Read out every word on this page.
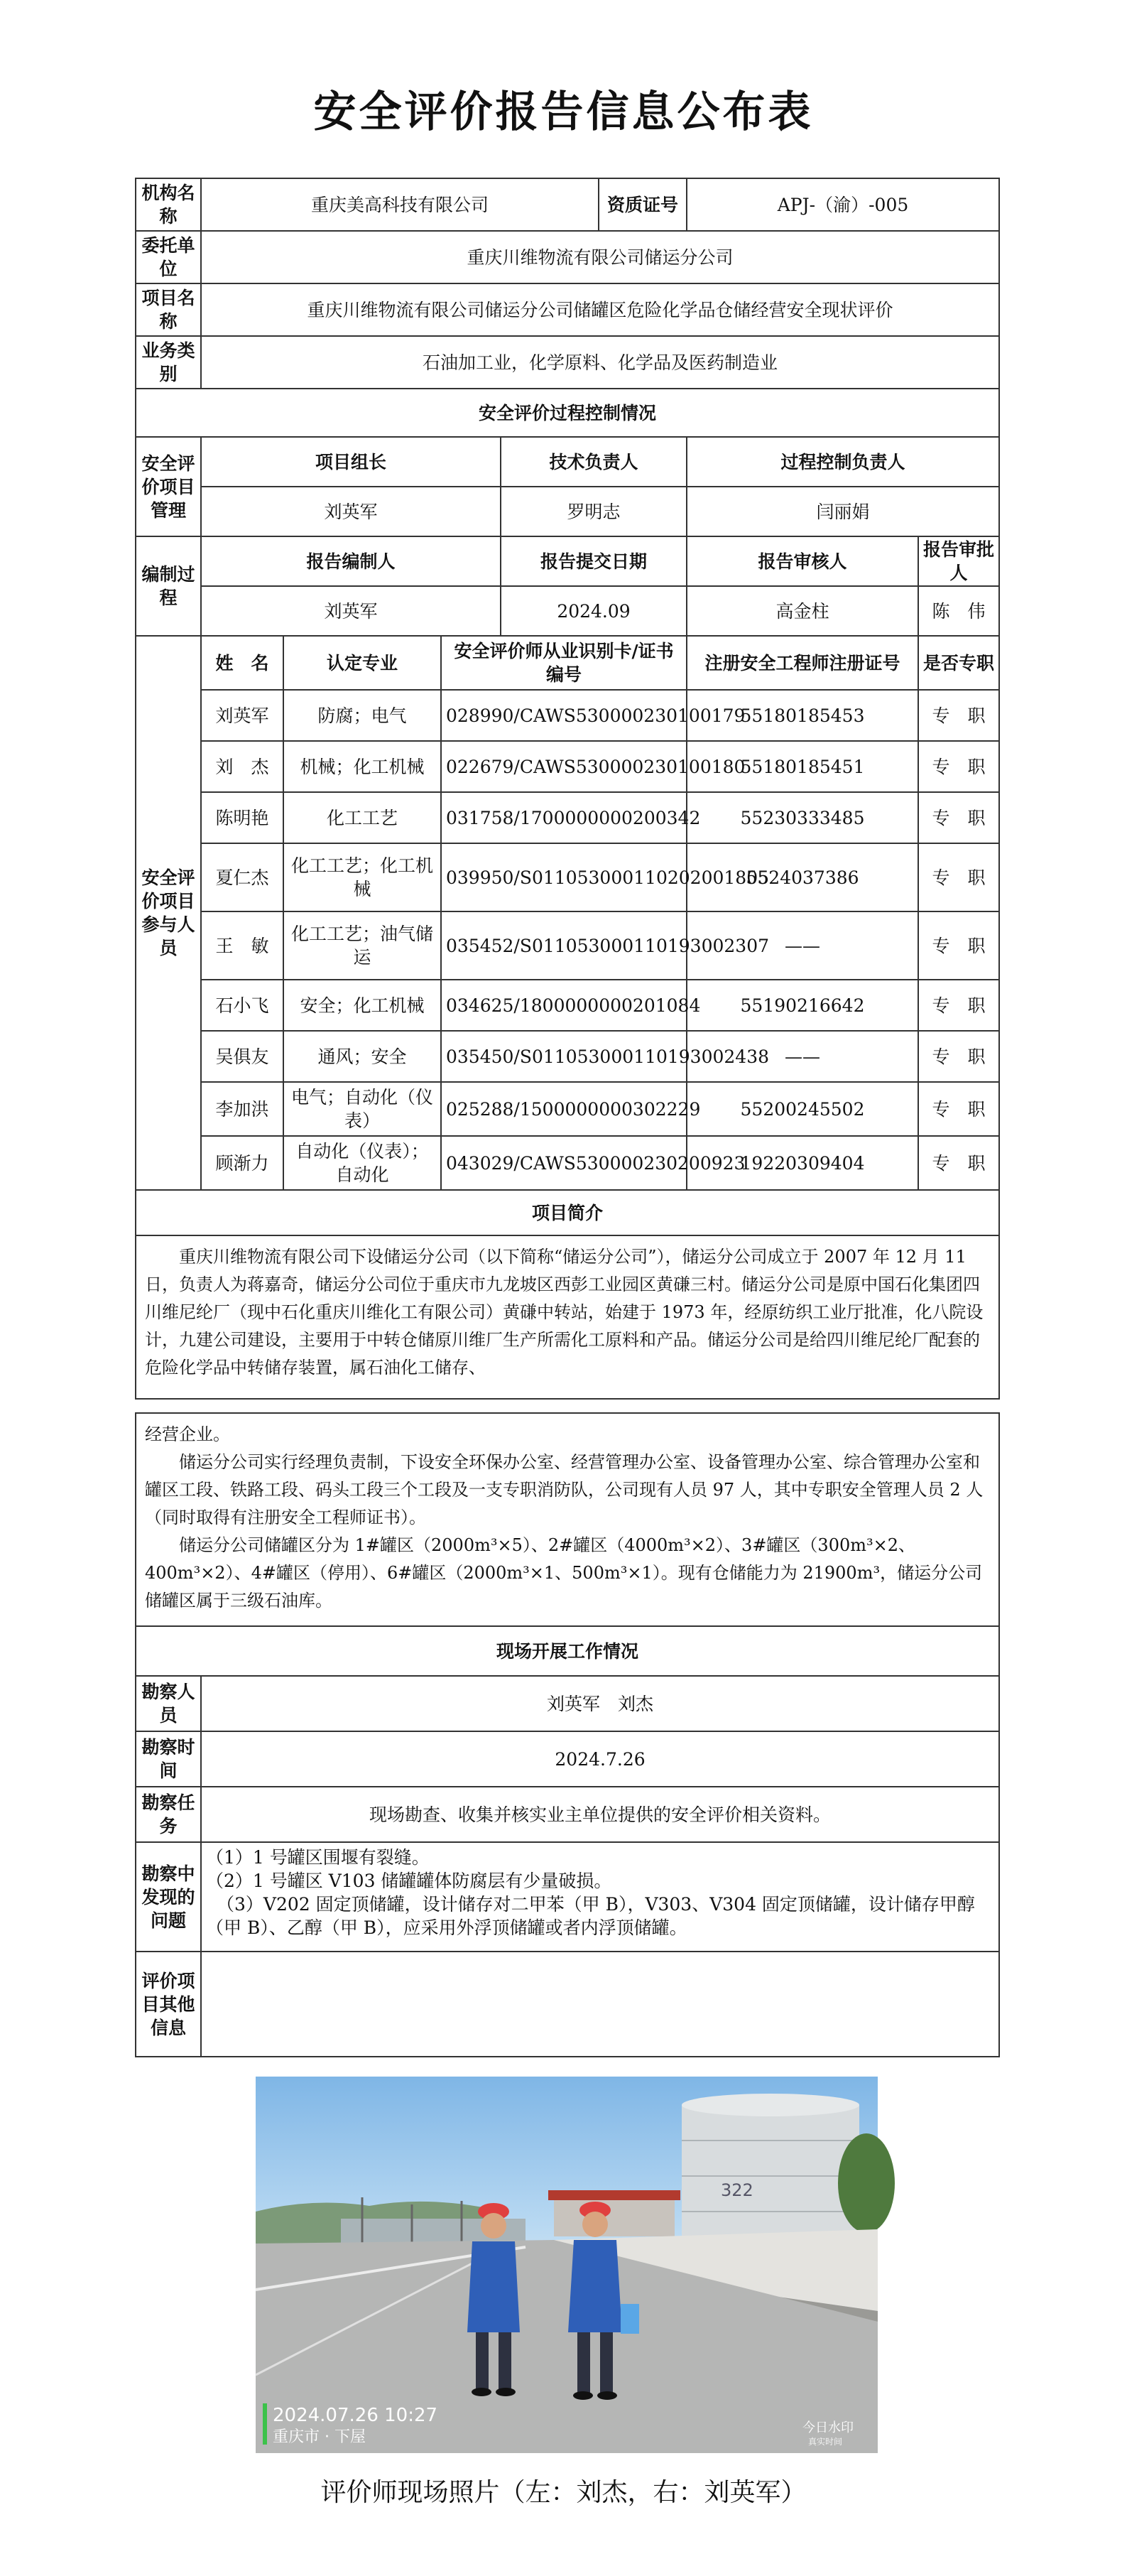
安全评价报告信息公布表
机构名称	重庆美高科技有限公司				资质证号	APJ-（渝）-005	
委托单位	重庆川维物流有限公司储运分公司						
项目名称	重庆川维物流有限公司储运分公司储罐区危险化学品仓储经营安全现状评价						
业务类别	石油加工业，化学原料、化学品及医药制造业						
安全评价过程控制情况							
安全评价项目管理	项目组长			技术负责人		过程控制负责人	
	刘英军			罗明志		闫丽娟	
编制过程	报告编制人			报告提交日期		报告审核人	报告审批人
	刘英军			2024.09		高金柱	陈　伟
安全评价项目参与人员	姓　名	认定专业	安全评价师从业识别卡/证书编号			注册安全工程师注册证号	是否专职
	刘英军	防腐；电气	028990/CAWS530000230100179			55180185453	专　职
	刘　杰	机械；化工机械	022679/CAWS530000230100180			55180185451	专　职
	陈明艳	化工工艺	031758/1700000000200342			55230333485	专　职
	夏仁杰	化工工艺；化工机械	039950/S011053000110202001805			5524037386	专　职
	王　敏	化工工艺；油气储运	035452/S011053000110193002307			——	专　职
	石小飞	安全；化工机械	034625/1800000000201084			55190216642	专　职
	吴俱友	通风；安全	035450/S011053000110193002438			——	专　职
	李加洪	电气；自动化（仪表）	025288/1500000000302229			55200245502	专　职
	顾渐力	自动化（仪表）；自动化	043029/CAWS530000230200923			19220309404	专　职
项目简介							

重庆川维物流有限公司下设储运分公司（以下简称“储运分公司”），储运分公司成立于 2007 年 12 月 11 日，负责人为蒋嘉奇，储运分公司位于重庆市九龙坡区西彭工业园区黄磏三村。储运分公司是原中国石化集团四川维尼纶厂（现中石化重庆川维化工有限公司）黄磏中转站，始建于 1973 年，经原纺织工业厅批准，化八院设计，九建公司建设，主要用于中转仓储原川维厂生产所需化工原料和产品。储运分公司是给四川维尼纶厂配套的危险化学品中转储存装置，属石油化工储存、							

经营企业。

储运分公司实行经理负责制，下设安全环保办公室、经营管理办公室、设备管理办公室、综合管理办公室和罐区工段、铁路工段、码头工段三个工段及一支专职消防队，公司现有人员 97 人，其中专职安全管理人员 2 人（同时取得有注册安全工程师证书）。

储运分公司储罐区分为 1#罐区（2000m³×5）、2#罐区（4000m³×2）、3#罐区（300m³×2、400m³×2）、4#罐区（停用）、6#罐区（2000m³×1、500m³×1）。现有仓储能力为 21900m³，储运分公司储罐区属于三级石油库。	

现场开展工作情况	
勘察人员	刘英军　刘杰
勘察时间	2024.7.26
勘察任务	现场勘查、收集并核实业主单位提供的安全评价相关资料。
勘察中发现的问题	（1）1 号罐区围堰有裂缝。
（2）1 号罐区 V103 储罐罐体防腐层有少量破损。
（3）V202 固定顶储罐，设计储存对二甲苯（甲 B），V303、V304 固定顶储罐，设计储存甲醇（甲 B）、乙醇（甲 B），应采用外浮顶储罐或者内浮顶储罐。

评价项目其他信息	
322
2024.07.26 10:27
重庆市 · 下屋
今日水印
真实时间
评价师现场照片（左：刘杰，右：刘英军）
